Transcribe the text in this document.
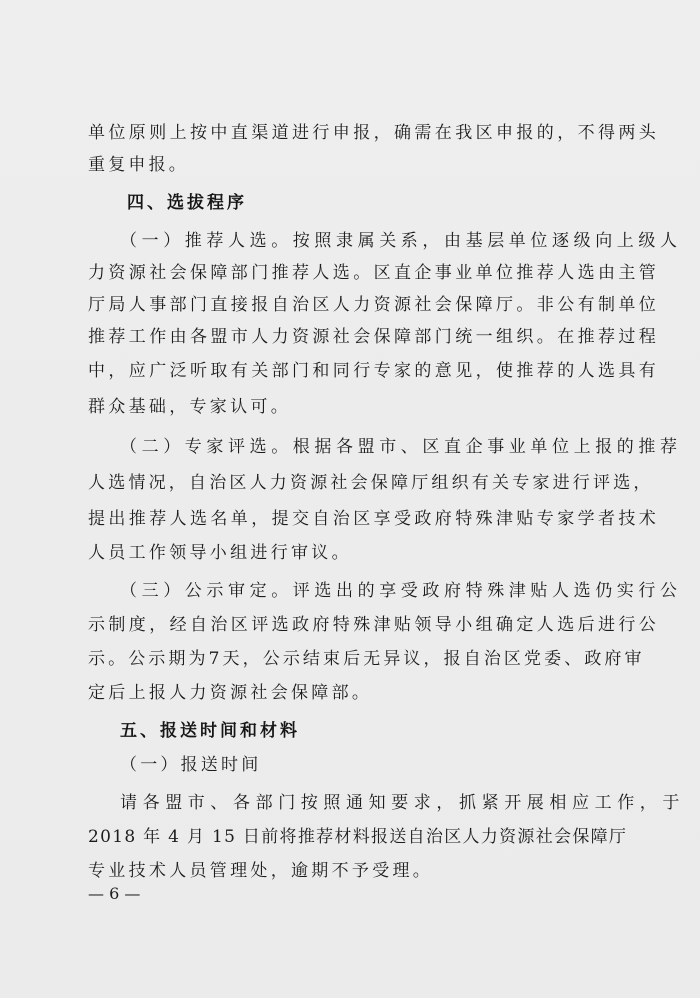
单位原则上按中直渠道进行申报，确需在我区申报的，不得两头
重复申报。
四、选拔程序
（一）推荐人选。按照隶属关系，由基层单位逐级向上级人
力资源社会保障部门推荐人选。区直企事业单位推荐人选由主管
厅局人事部门直接报自治区人力资源社会保障厅。非公有制单位
推荐工作由各盟市人力资源社会保障部门统一组织。在推荐过程
中，应广泛听取有关部门和同行专家的意见，使推荐的人选具有
群众基础，专家认可。
（二）专家评选。根据各盟市、区直企事业单位上报的推荐
人选情况，自治区人力资源社会保障厅组织有关专家进行评选，
提出推荐人选名单，提交自治区享受政府特殊津贴专家学者技术
人员工作领导小组进行审议。
（三）公示审定。评选出的享受政府特殊津贴人选仍实行公
示制度，经自治区评选政府特殊津贴领导小组确定人选后进行公
示。公示期为7天，公示结束后无异议，报自治区党委、政府审
定后上报人力资源社会保障部。
五、报送时间和材料
（一）报送时间
请各盟市、各部门按照通知要求，抓紧开展相应工作，于
2018 年 4 月 15 日前将推荐材料报送自治区人力资源社会保障厅
专业技术人员管理处，逾期不予受理。
— 6 —
